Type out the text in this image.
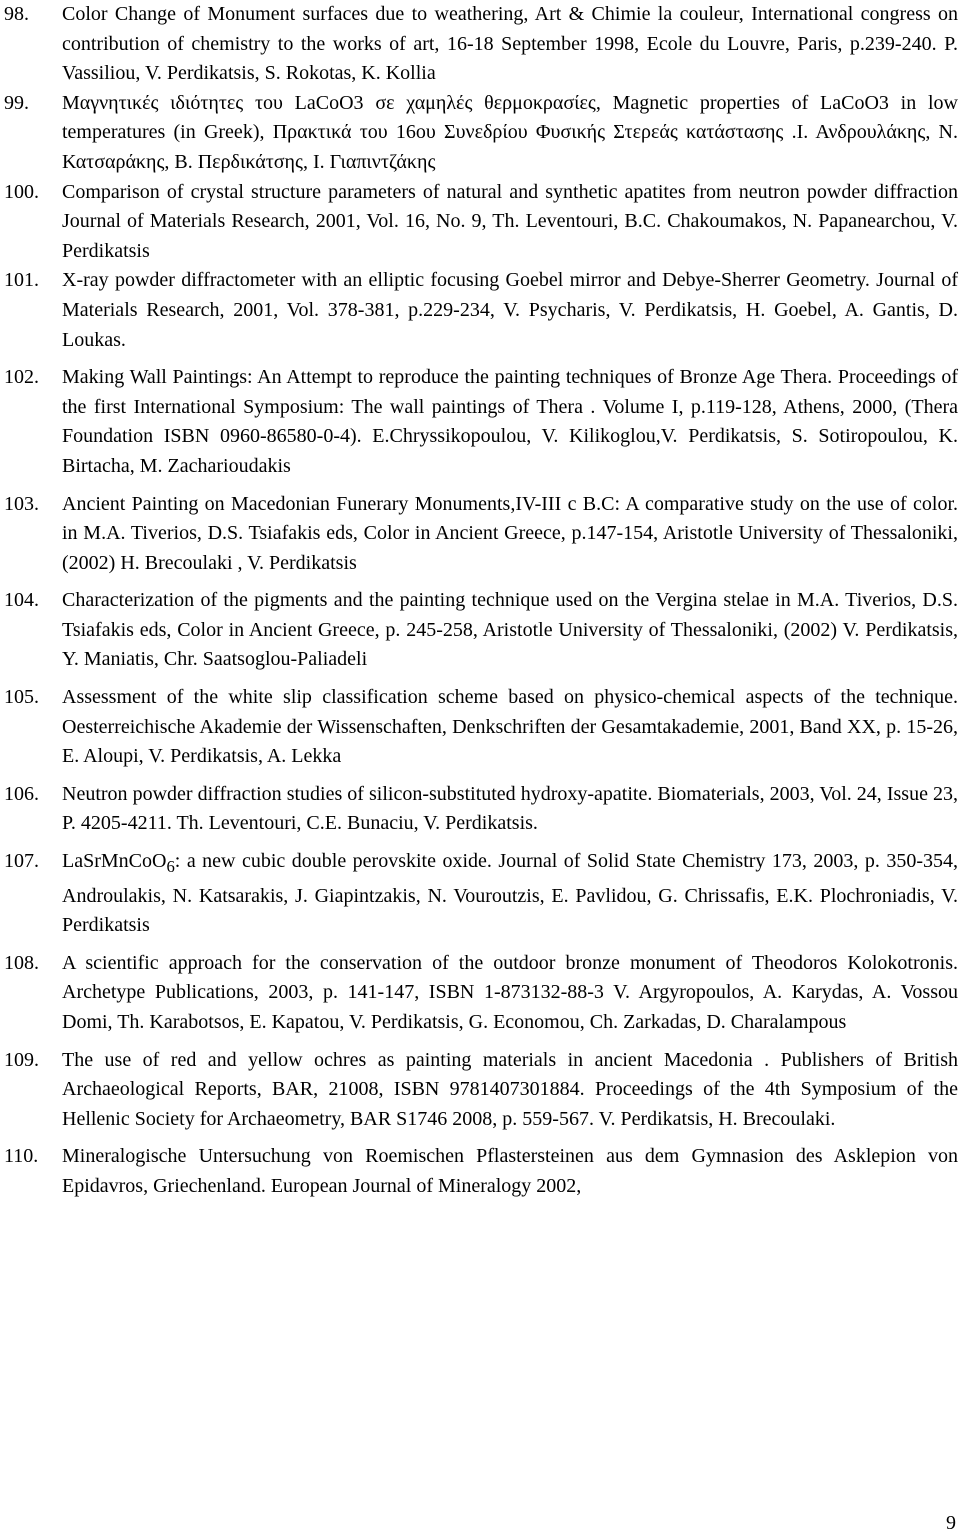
98.	Color Change of Monument surfaces due to weathering, Art & Chimie la couleur, International congress on contribution of chemistry to the works of art, 16-18 September 1998, Ecole du Louvre, Paris, p.239-240. P. Vassiliou, V. Perdikatsis, S. Rokotas, K. Kollia
99.	Μαγνητικές ιδιότητες του LaCoO3 σε χαμηλές θερμοκρασίες, Magnetic properties of LaCoO3 in low temperatures (in Greek), Πρακτικά του 16ου Συνεδρίου Φυσικής Στερεάς κατάστασης .Ι. Ανδρουλάκης, Ν. Κατσαράκης, Β. Περδικάτσης, Ι. Γιαπιντζάκης
100.	Comparison of crystal structure parameters of natural and synthetic apatites from neutron powder diffraction Journal of Materials Research, 2001, Vol. 16, No. 9, Th. Leventouri, B.C. Chakoumakos, N. Papanearchou, V. Perdikatsis
101.	X-ray powder diffractometer with an elliptic focusing Goebel mirror and Debye-Sherrer Geometry. Journal of Materials Research, 2001, Vol. 378-381, p.229-234, V. Psycharis, V. Perdikatsis, H. Goebel, A. Gantis, D. Loukas.
102.	Making Wall Paintings: An Attempt to reproduce the painting techniques of Bronze Age Thera. Proceedings of the first International Symposium: The wall paintings of Thera . Volume I, p.119-128, Athens, 2000, (Thera Foundation ISBN 0960-86580-0-4). E.Chryssikopoulou, V. Kilikoglou,V. Perdikatsis, S. Sotiropoulou, K. Birtacha, M. Zacharioudakis
103.	Ancient Painting on Macedonian Funerary Monuments,IV-III c B.C: A comparative study on the use of color. in M.A. Tiverios, D.S. Tsiafakis eds, Color in Ancient Greece, p.147-154, Aristotle University of Thessaloniki, (2002) H. Brecoulaki , V. Perdikatsis
104.	Characterization of the pigments and the painting technique used on the Vergina stelae in M.A. Tiverios, D.S. Tsiafakis eds, Color in Ancient Greece, p. 245-258, Aristotle University of Thessaloniki, (2002) V. Perdikatsis, Y. Maniatis, Chr. Saatsoglou-Paliadeli
105.	Assessment of the white slip classification scheme based on physico-chemical aspects of the technique. Oesterreichische Akademie der Wissenschaften, Denkschriften der Gesamtakademie, 2001, Band XX, p. 15-26, E. Aloupi, V. Perdikatsis, A. Lekka
106.	Neutron powder diffraction studies of silicon-substituted hydroxy-apatite. Biomaterials, 2003, Vol. 24, Issue 23, P. 4205-4211. Th. Leventouri, C.E. Bunaciu, V. Perdikatsis.
107.	LaSrMnCoO$_6$: a new cubic double perovskite oxide. Journal of Solid State Chemistry 173, 2003, p. 350-354, Androulakis, N. Katsarakis, J. Giapintzakis, N. Vouroutzis, E. Pavlidou, G. Chrissafis, E.K. Plochroniadis, V. Perdikatsis
108.	A scientific approach for the conservation of the outdoor bronze monument of Theodoros Kolokotronis. Archetype Publications, 2003, p. 141-147, ISBN 1-873132-88-3 V. Argyropoulos, A. Karydas, A. Vossou Domi, Th. Karabotsos, E. Kapatou, V. Perdikatsis, G. Economou, Ch. Zarkadas, D. Charalampous
109.	The use of red and yellow ochres as painting materials in ancient Macedonia . Publishers of British Archaeological Reports, BAR, 21008, ISBN 9781407301884. Proceedings of the 4th Symposium of the Hellenic Society for Archaeometry, BAR S1746 2008, p. 559-567. V. Perdikatsis, H. Brecoulaki.
110.	Mineralogische Untersuchung von Roemischen Pflastersteinen aus dem Gymnasion des Asklepion von Epidavros, Griechenland. European Journal of Mineralogy 2002,
9
